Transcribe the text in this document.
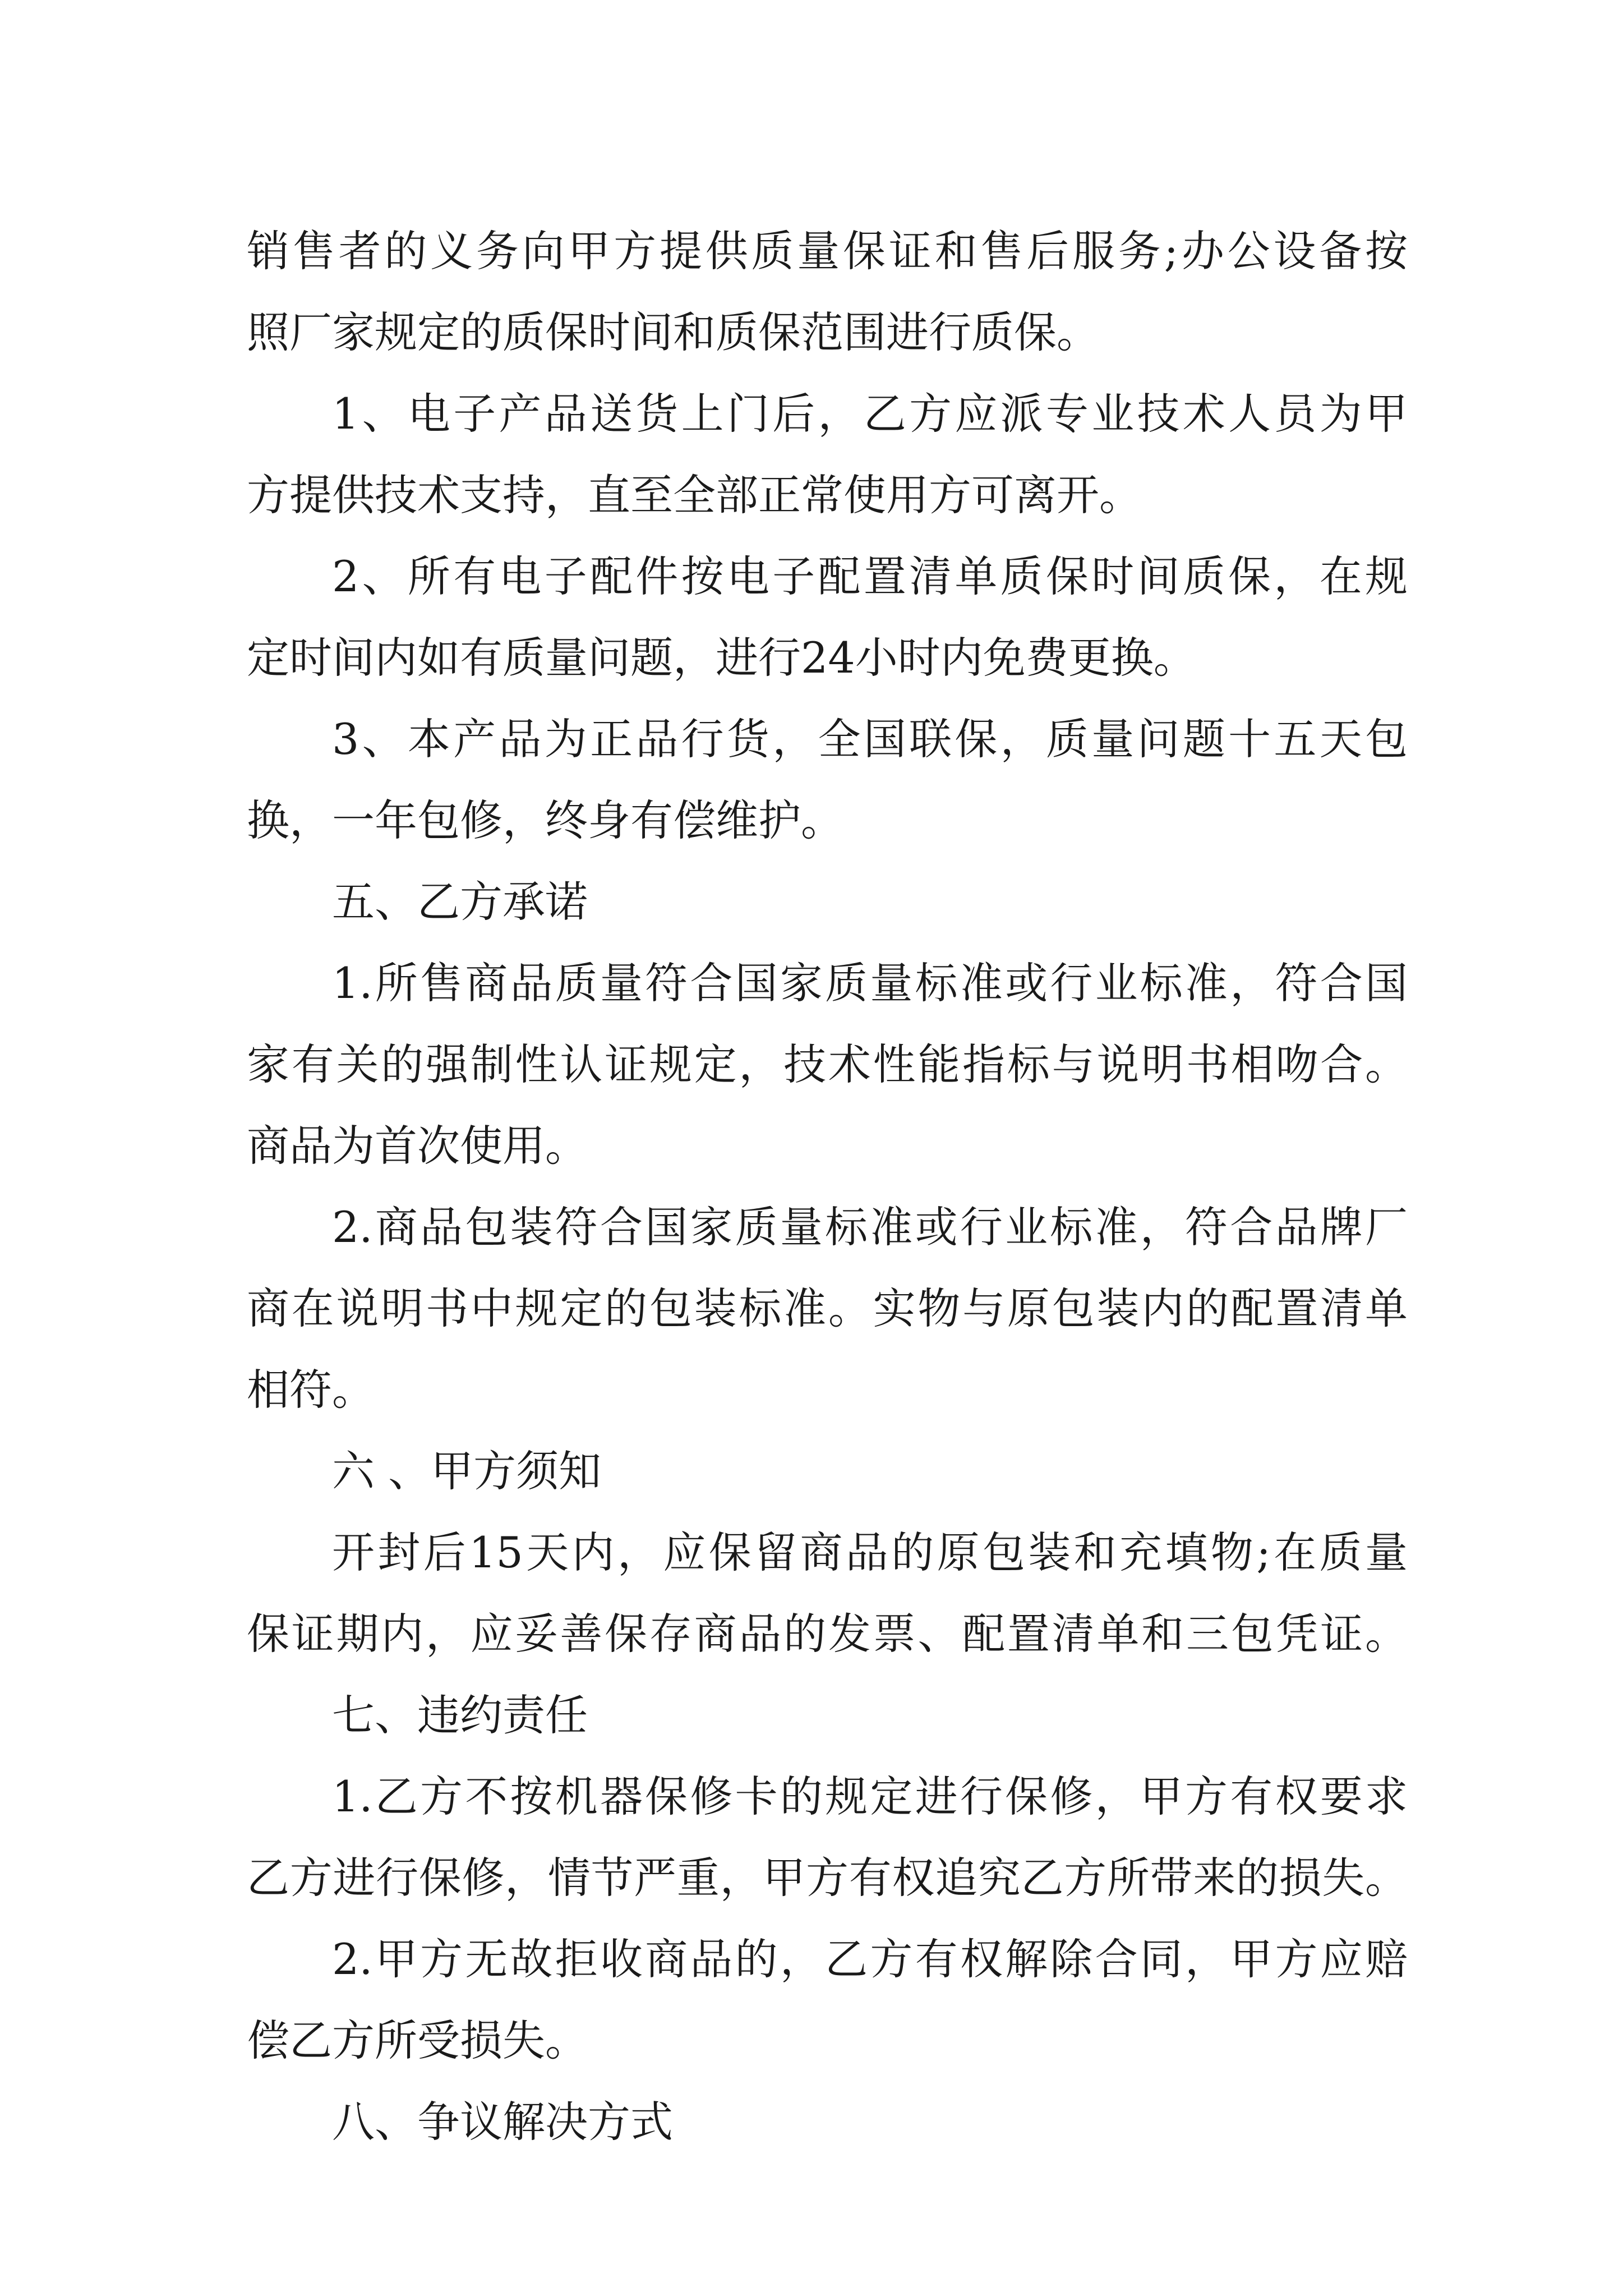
销售者的义务向甲方提供质量保证和售后服务;办公设备按
照厂家规定的质保时间和质保范围进行质保。
1、电子产品送货上门后，乙方应派专业技术人员为甲
方提供技术支持，直至全部正常使用方可离开。
2、所有电子配件按电子配置清单质保时间质保，在规
定时间内如有质量问题，进行24小时内免费更换。
3、本产品为正品行货，全国联保，质量问题十五天包
换，一年包修，终身有偿维护。
五、乙方承诺
1.所售商品质量符合国家质量标准或行业标准，符合国
家有关的强制性认证规定，技术性能指标与说明书相吻合。
商品为首次使用。
2.商品包装符合国家质量标准或行业标准，符合品牌厂
商在说明书中规定的包装标准。实物与原包装内的配置清单
相符。
六 、甲方须知
开封后15天内，应保留商品的原包装和充填物;在质量
保证期内，应妥善保存商品的发票、配置清单和三包凭证。
七、违约责任
1.乙方不按机器保修卡的规定进行保修，甲方有权要求
乙方进行保修，情节严重，甲方有权追究乙方所带来的损失。
2.甲方无故拒收商品的，乙方有权解除合同，甲方应赔
偿乙方所受损失。
八、争议解决方式
